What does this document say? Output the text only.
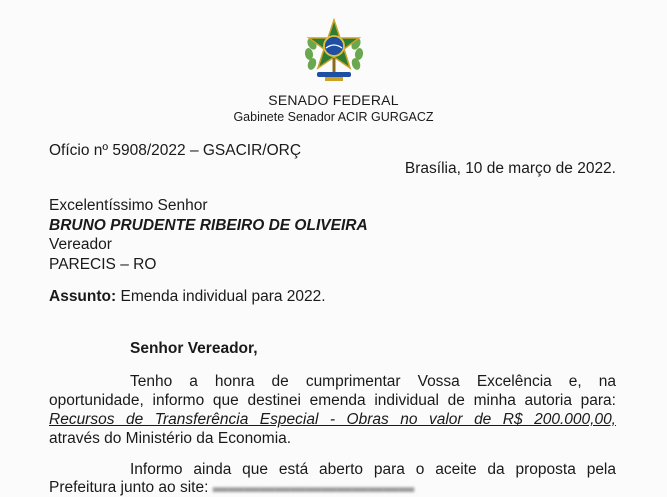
SENADO FEDERAL
Gabinete Senador ACIR GURGACZ
Ofício nº 5908/2022 – GSACIR/ORÇ
Brasília, 10 de março de 2022.
Excelentíssimo Senhor
BRUNO PRUDENTE RIBEIRO DE OLIVEIRA
Vereador
PARECIS – RO
Assunto: Emenda individual para 2022.
Senhor Vereador,
Tenho a honra de cumprimentar Vossa Excelência e, na
oportunidade, informo que destinei emenda individual de minha autoria para:
Recursos de Transferência Especial - Obras no valor de R$ 200.000,00,
através do Ministério da Economia.
Informo ainda que está aberto para o aceite da proposta pela
Prefeitura junto ao site: ▬▬▬▬▬▬▬▬▬▬▬▬▬
